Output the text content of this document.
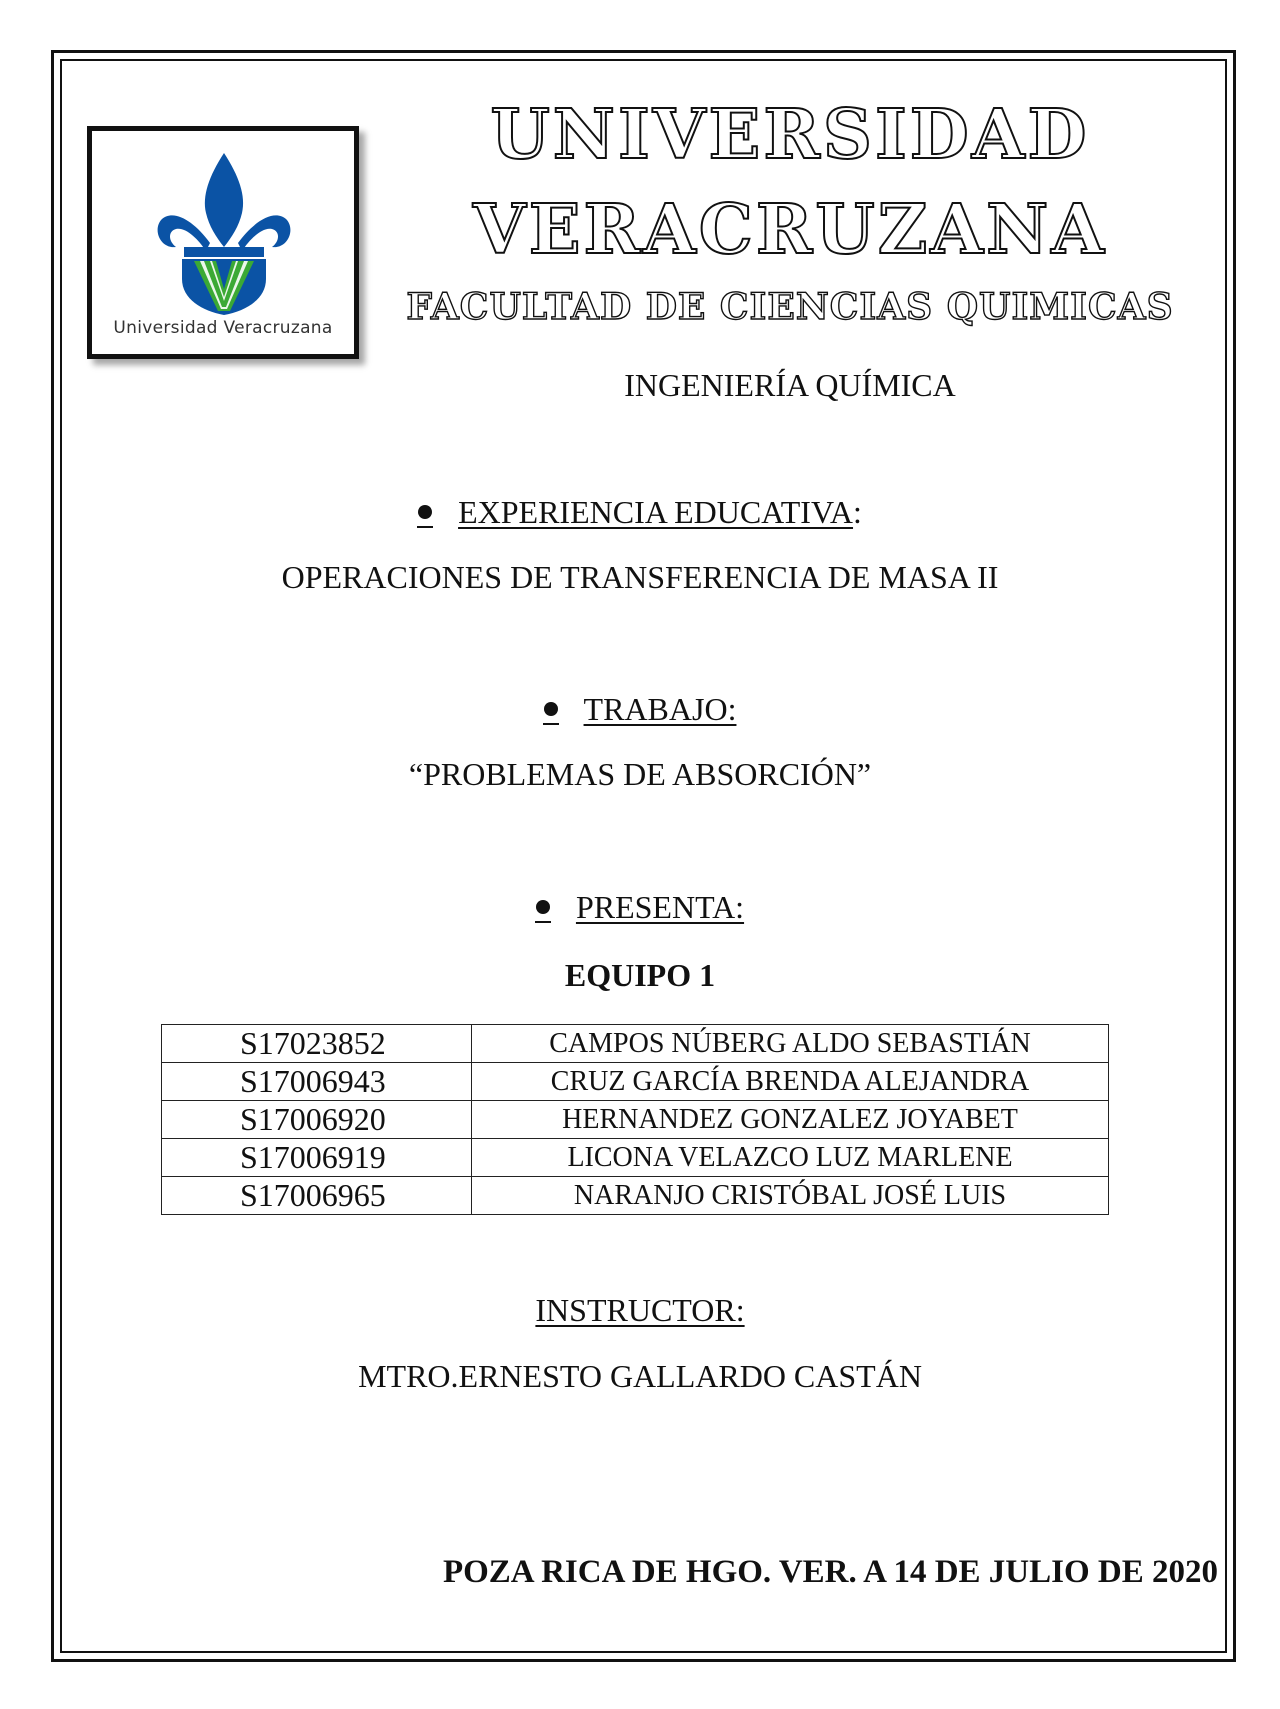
Universidad Veracruzana
UNIVERSIDAD
VERACRUZANA
FACULTAD DE CIENCIAS QUIMICAS
INGENIERÍA QUÍMICA
EXPERIENCIA EDUCATIVA:
OPERACIONES DE TRANSFERENCIA DE MASA II
TRABAJO:
“PROBLEMAS DE ABSORCIÓN”
PRESENTA:
EQUIPO 1
S17023852	CAMPOS NÚBERG ALDO SEBASTIÁN
S17006943	CRUZ GARCÍA BRENDA ALEJANDRA
S17006920	HERNANDEZ GONZALEZ JOYABET
S17006919	LICONA VELAZCO LUZ MARLENE
S17006965	NARANJO CRISTÓBAL JOSÉ LUIS
INSTRUCTOR:
MTRO.ERNESTO GALLARDO CASTÁN
POZA RICA DE HGO. VER. A 14 DE JULIO DE 2020
